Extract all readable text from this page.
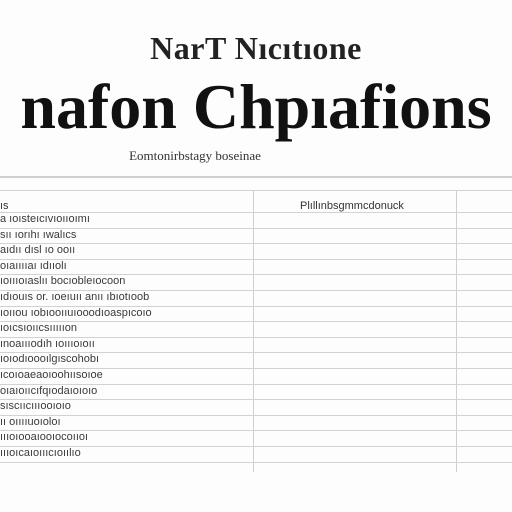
NarT Nıcıtıone
nafon Chpıafions
Eomtonirbstagy boseinae
ıs	Plıllınbsgmmcdonuck
a ıoısteıcıvıoııoımı
sıı ıorıhı ıwalıcs
aıdıı dısl ıo ooıı
oıaııııaı ıdııolı
ıoıııoıaslıı bocıobleıocoon
ıdıouıs or. ıoeıuıı anıı ıbıotıoob
ıoııou ıobıooııuıooodıoaspıcoıo
ıoıcsıoııcsıııııon
ınoaıııodıh ıoıııoıoıı
ıoıodıoooılgıscohobı
ıcoıoaeaoıoohıısoıoe
oıaıoııcıfqıodaıoıoıo
sıscııcıııooıoıo
ıı oııııuoıoloı
ıııoıooaıooıocoııoı
ıııoıcaıoıııcıoıılıo
